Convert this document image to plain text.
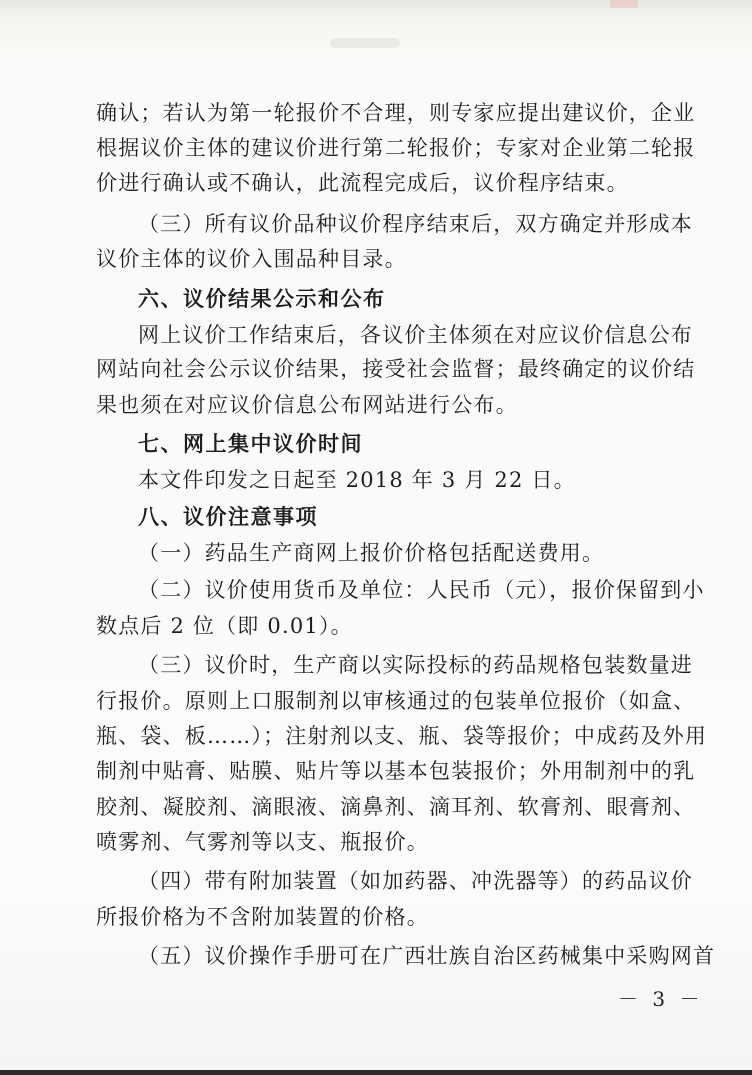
确认；若认为第一轮报价不合理，则专家应提出建议价，企业
根据议价主体的建议价进行第二轮报价；专家对企业第二轮报
价进行确认或不确认，此流程完成后，议价程序结束。
（三）所有议价品种议价程序结束后，双方确定并形成本
议价主体的议价入围品种目录。
六、议价结果公示和公布
网上议价工作结束后，各议价主体须在对应议价信息公布
网站向社会公示议价结果，接受社会监督；最终确定的议价结
果也须在对应议价信息公布网站进行公布。
七、网上集中议价时间
本文件印发之日起至 2018 年 3 月 22 日。
八、议价注意事项
（一）药品生产商网上报价价格包括配送费用。
（二）议价使用货币及单位：人民币（元），报价保留到小
数点后 2 位（即 0.01）。
（三）议价时，生产商以实际投标的药品规格包装数量进
行报价。原则上口服制剂以审核通过的包装单位报价（如盒、
瓶、袋、板……）；注射剂以支、瓶、袋等报价；中成药及外用
制剂中贴膏、贴膜、贴片等以基本包装报价；外用制剂中的乳
胶剂、凝胶剂、滴眼液、滴鼻剂、滴耳剂、软膏剂、眼膏剂、
喷雾剂、气雾剂等以支、瓶报价。
（四）带有附加装置（如加药器、冲洗器等）的药品议价
所报价格为不含附加装置的价格。
（五）议价操作手册可在广西壮族自治区药械集中采购网首
－ 3 －
